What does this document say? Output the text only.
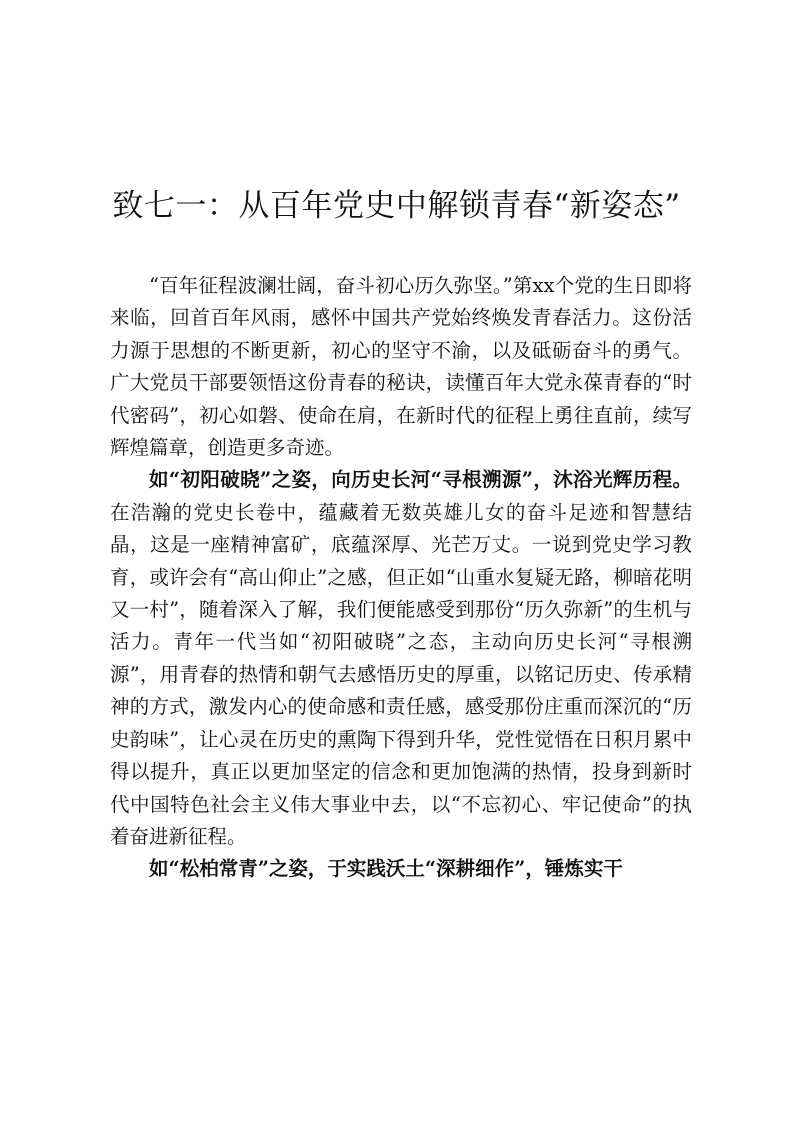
致七一：从百年党史中解锁青春“新姿态”

“百年征程波澜壮阔，奋斗初心历久弥坚。”第xx个党的生日即将来临，回首百年风雨，感怀中国共产党始终焕发青春活力。这份活力源于思想的不断更新，初心的坚守不渝，以及砥砺奋斗的勇气。广大党员干部要领悟这份青春的秘诀，读懂百年大党永葆青春的“时代密码”，初心如磐、使命在肩，在新时代的征程上勇往直前，续写辉煌篇章，创造更多奇迹。

如“初阳破晓”之姿，向历史长河“寻根溯源”，沐浴光辉历程。在浩瀚的党史长卷中，蕴藏着无数英雄儿女的奋斗足迹和智慧结晶，这是一座精神富矿，底蕴深厚、光芒万丈。一说到党史学习教育，或许会有“高山仰止”之感，但正如“山重水复疑无路，柳暗花明又一村”，随着深入了解，我们便能感受到那份“历久弥新”的生机与活力。青年一代当如“初阳破晓”之态，主动向历史长河“寻根溯源”，用青春的热情和朝气去感悟历史的厚重，以铭记历史、传承精神的方式，激发内心的使命感和责任感，感受那份庄重而深沉的“历史韵味”，让心灵在历史的熏陶下得到升华，党性觉悟在日积月累中得以提升，真正以更加坚定的信念和更加饱满的热情，投身到新时代中国特色社会主义伟大事业中去，以“不忘初心、牢记使命”的执着奋进新征程。

如“松柏常青”之姿，于实践沃土“深耕细作”，锤炼实干
